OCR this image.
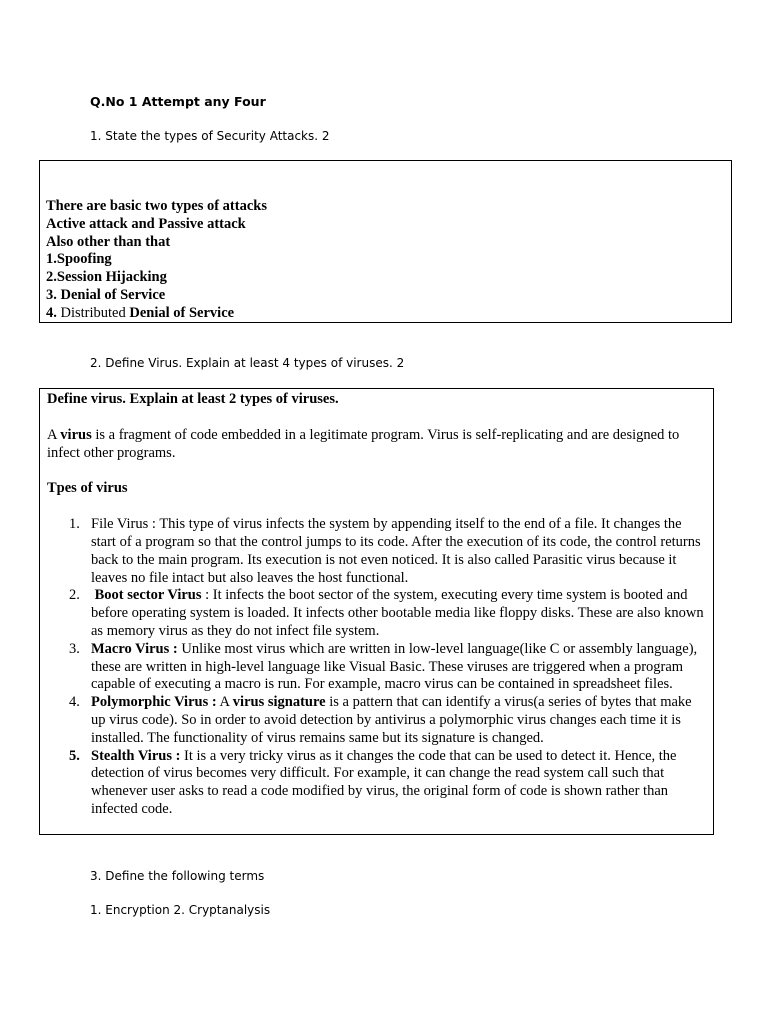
Q.No 1 Attempt any Four
1. State the types of Security Attacks. 2
There are basic two types of attacks
Active attack and Passive attack
Also other than that
1.Spoofing
2.Session Hijacking
3. Denial of Service
4. Distributed Denial of Service
2. Define Virus. Explain at least 4 types of viruses. 2
Define virus. Explain at least 2 types of viruses.
A virus is a fragment of code embedded in a legitimate program. Virus is self-replicating and are designed to infect other programs.
Tpes of virus
1. File Virus : This type of virus infects the system by appending itself to the end of a file. It changes the start of a program so that the control jumps to its code. After the execution of its code, the control returns back to the main program. Its execution is not even noticed. It is also called Parasitic virus because it leaves no file intact but also leaves the host functional.
2. Boot sector Virus : It infects the boot sector of the system, executing every time system is booted and before operating system is loaded. It infects other bootable media like floppy disks. These are also known as memory virus as they do not infect file system.
3. Macro Virus : Unlike most virus which are written in low-level language(like C or assembly language), these are written in high-level language like Visual Basic. These viruses are triggered when a program capable of executing a macro is run. For example, macro virus can be contained in spreadsheet files.
4. Polymorphic Virus : A virus signature is a pattern that can identify a virus(a series of bytes that make up virus code). So in order to avoid detection by antivirus a polymorphic virus changes each time it is installed. The functionality of virus remains same but its signature is changed.
5. Stealth Virus : It is a very tricky virus as it changes the code that can be used to detect it. Hence, the detection of virus becomes very difficult. For example, it can change the read system call such that whenever user asks to read a code modified by virus, the original form of code is shown rather than infected code.
3. Define the following terms
1. Encryption 2. Cryptanalysis
